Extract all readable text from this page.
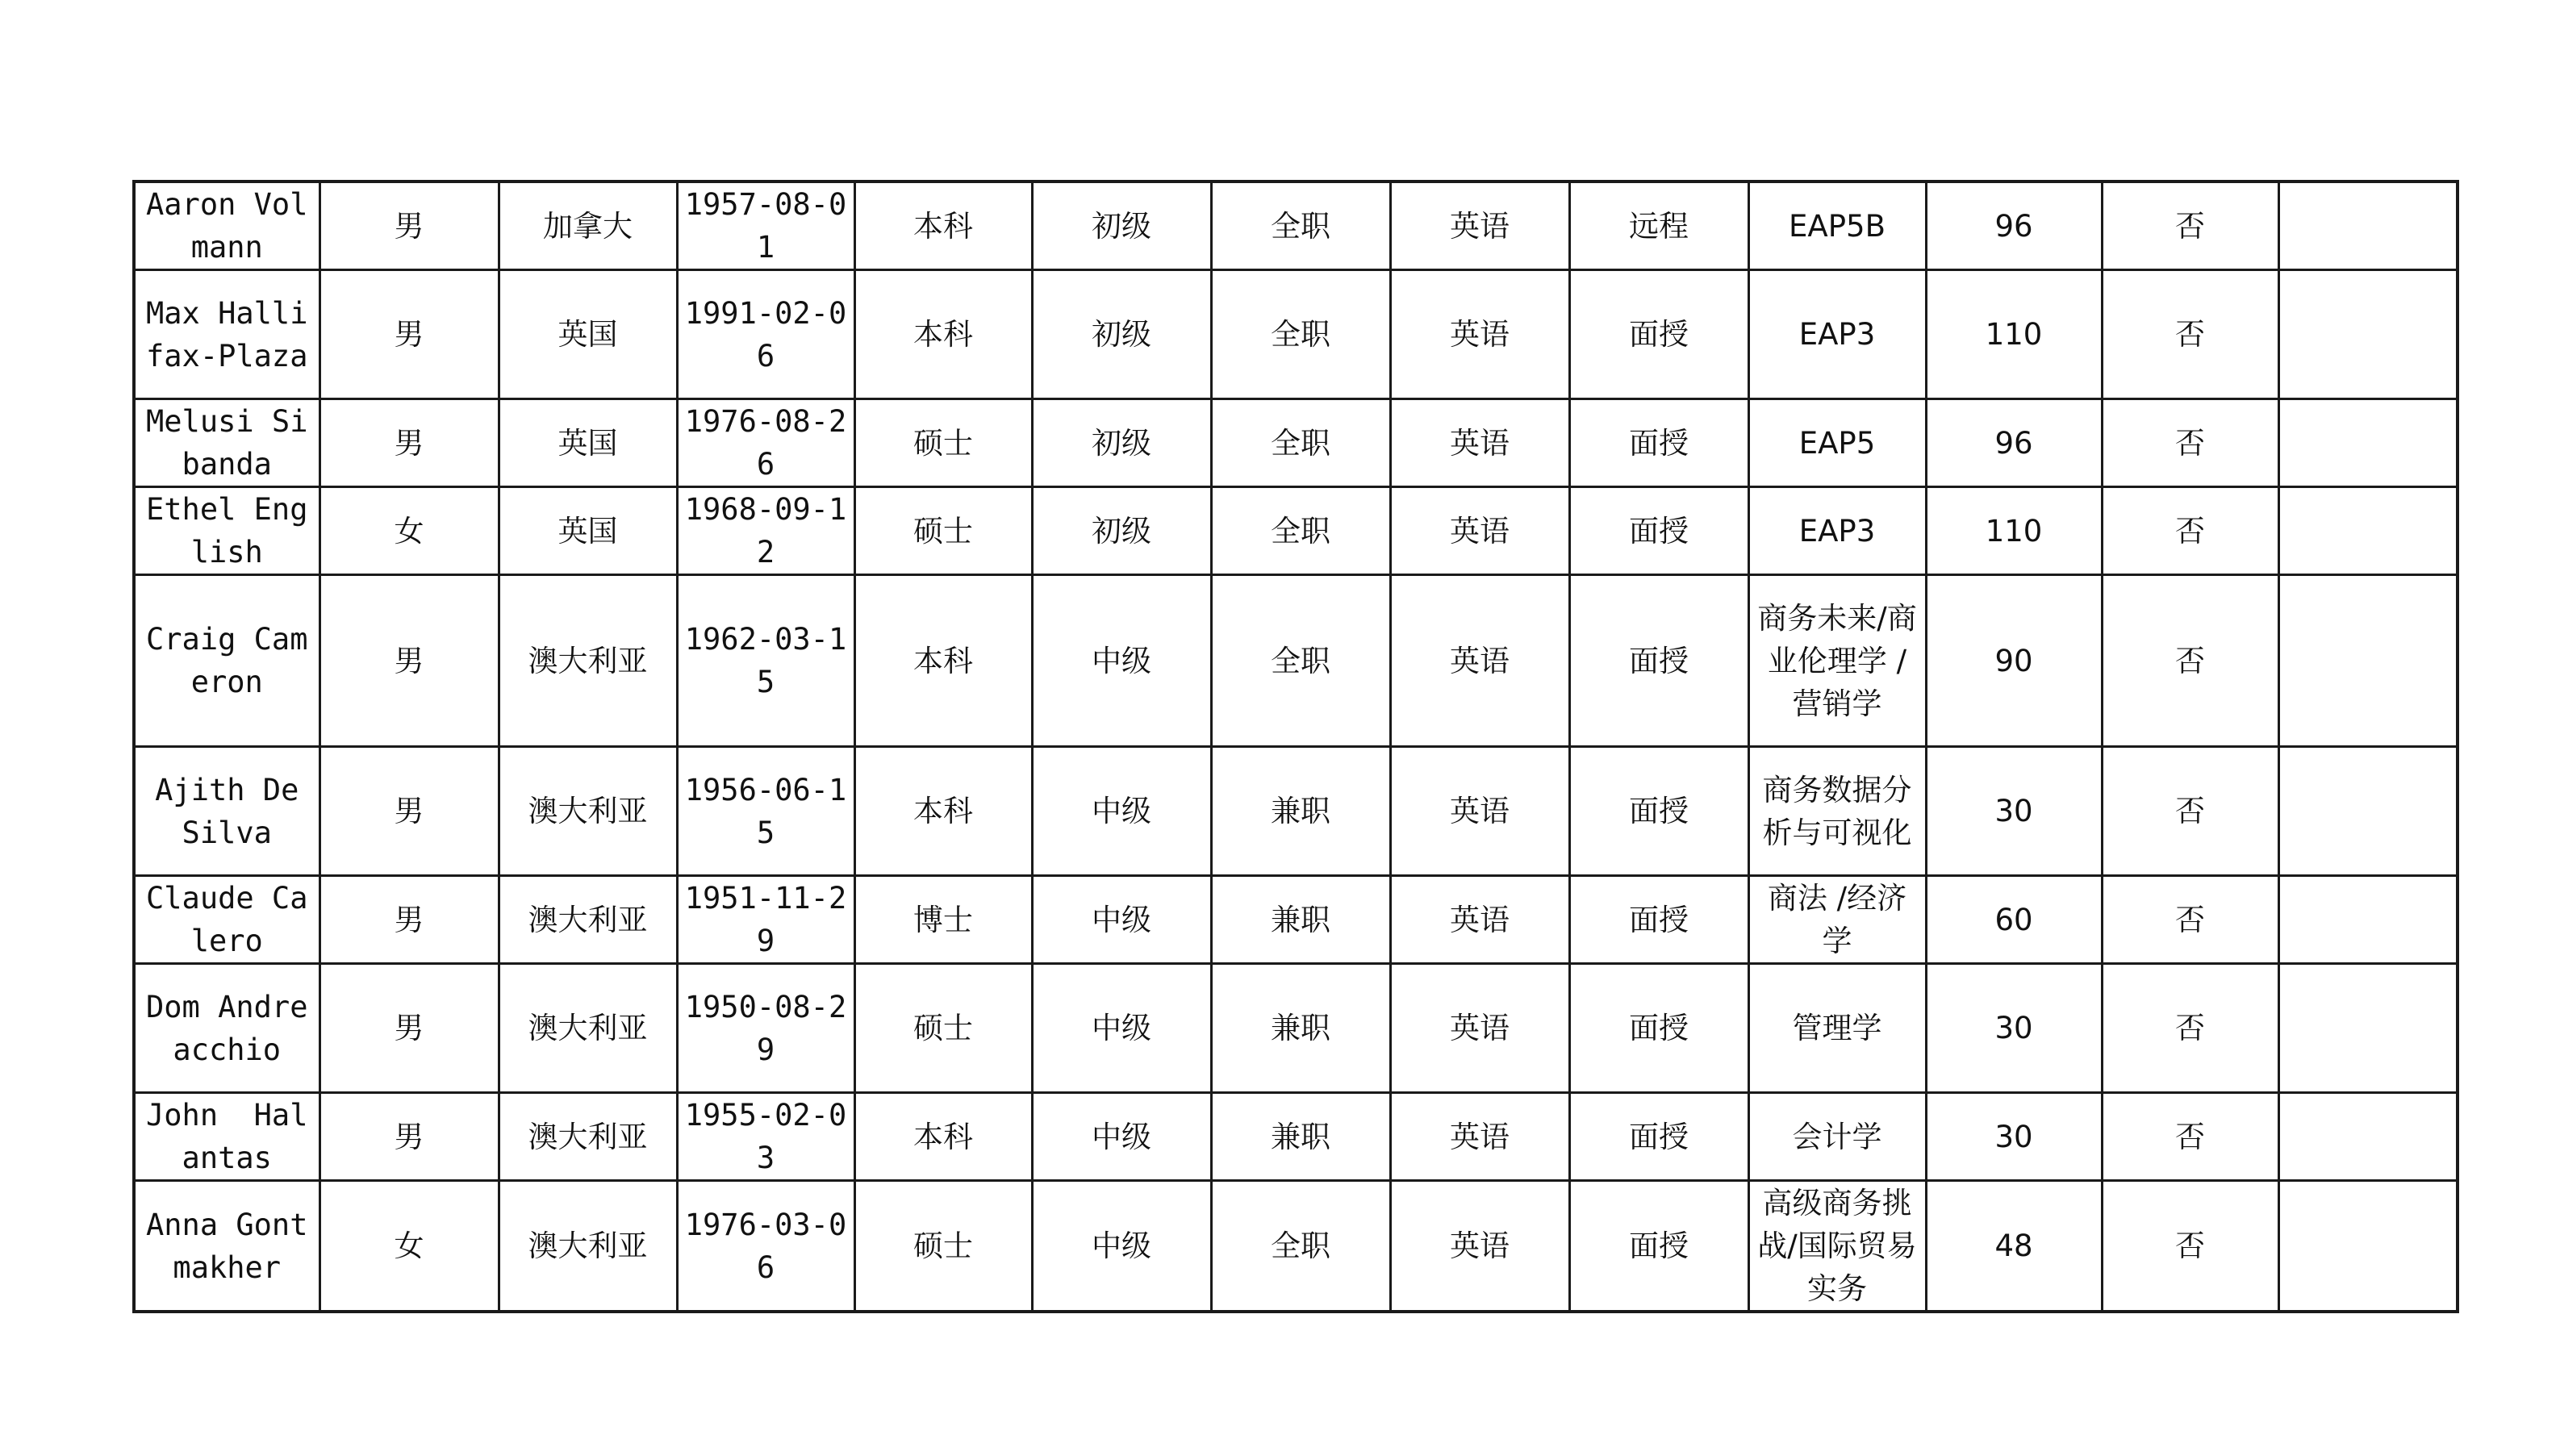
Aaron Volmann	男	加拿大	1957-08-01	本科	初级	全职	英语	远程	EAP5B	96	否	
Max Hallifax-Plaza	男	英国	1991-02-06	本科	初级	全职	英语	面授	EAP3	110	否	
Melusi Sibanda	男	英国	1976-08-26	硕士	初级	全职	英语	面授	EAP5	96	否	
Ethel English	女	英国	1968-09-12	硕士	初级	全职	英语	面授	EAP3	110	否	
Craig Cameron	男	澳大利亚	1962-03-15	本科	中级	全职	英语	面授	商务未来/商业伦理学 /营销学	90	否	
Ajith De Silva	男	澳大利亚	1956-06-15	本科	中级	兼职	英语	面授	商务数据分析与可视化	30	否	
Claude Calero	男	澳大利亚	1951-11-29	博士	中级	兼职	英语	面授	商法 /经济学	60	否	
Dom Andreacchio	男	澳大利亚	1950-08-29	硕士	中级	兼职	英语	面授	管理学	30	否	
John  Halantas	男	澳大利亚	1955-02-03	本科	中级	兼职	英语	面授	会计学	30	否	
Anna Gontmakher	女	澳大利亚	1976-03-06	硕士	中级	全职	英语	面授	高级商务挑战/国际贸易实务	48	否	
